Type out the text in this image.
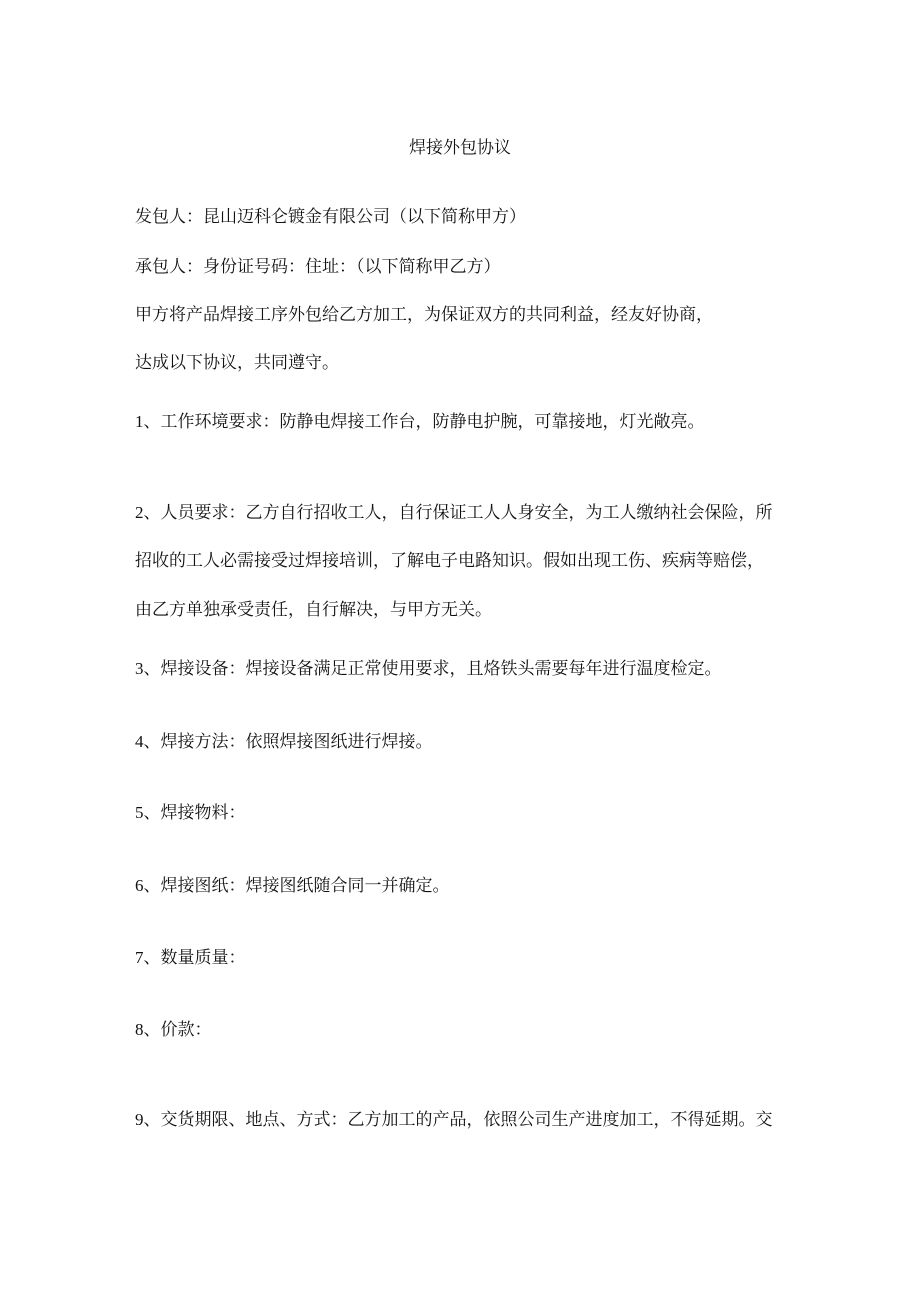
焊接外包协议
发包人：昆山迈科仑镀金有限公司（以下简称甲方）
承包人：身份证号码：住址：（以下简称甲乙方）
甲方将产品焊接工序外包给乙方加工，为保证双方的共同利益，经友好协商，
达成以下协议，共同遵守。
1、工作环境要求：防静电焊接工作台，防静电护腕，可靠接地，灯光敞亮。
2、人员要求：乙方自行招收工人，自行保证工人人身安全，为工人缴纳社会保险，所
招收的工人必需接受过焊接培训，了解电子电路知识。假如出现工伤、疾病等赔偿，
由乙方单独承受责任，自行解决，与甲方无关。
3、焊接设备：焊接设备满足正常使用要求，且烙铁头需要每年进行温度检定。
4、焊接方法：依照焊接图纸进行焊接。
5、焊接物料：
6、焊接图纸：焊接图纸随合同一并确定。
7、数量质量：
8、价款：
9、交货期限、地点、方式：乙方加工的产品，依照公司生产进度加工，不得延期。交
